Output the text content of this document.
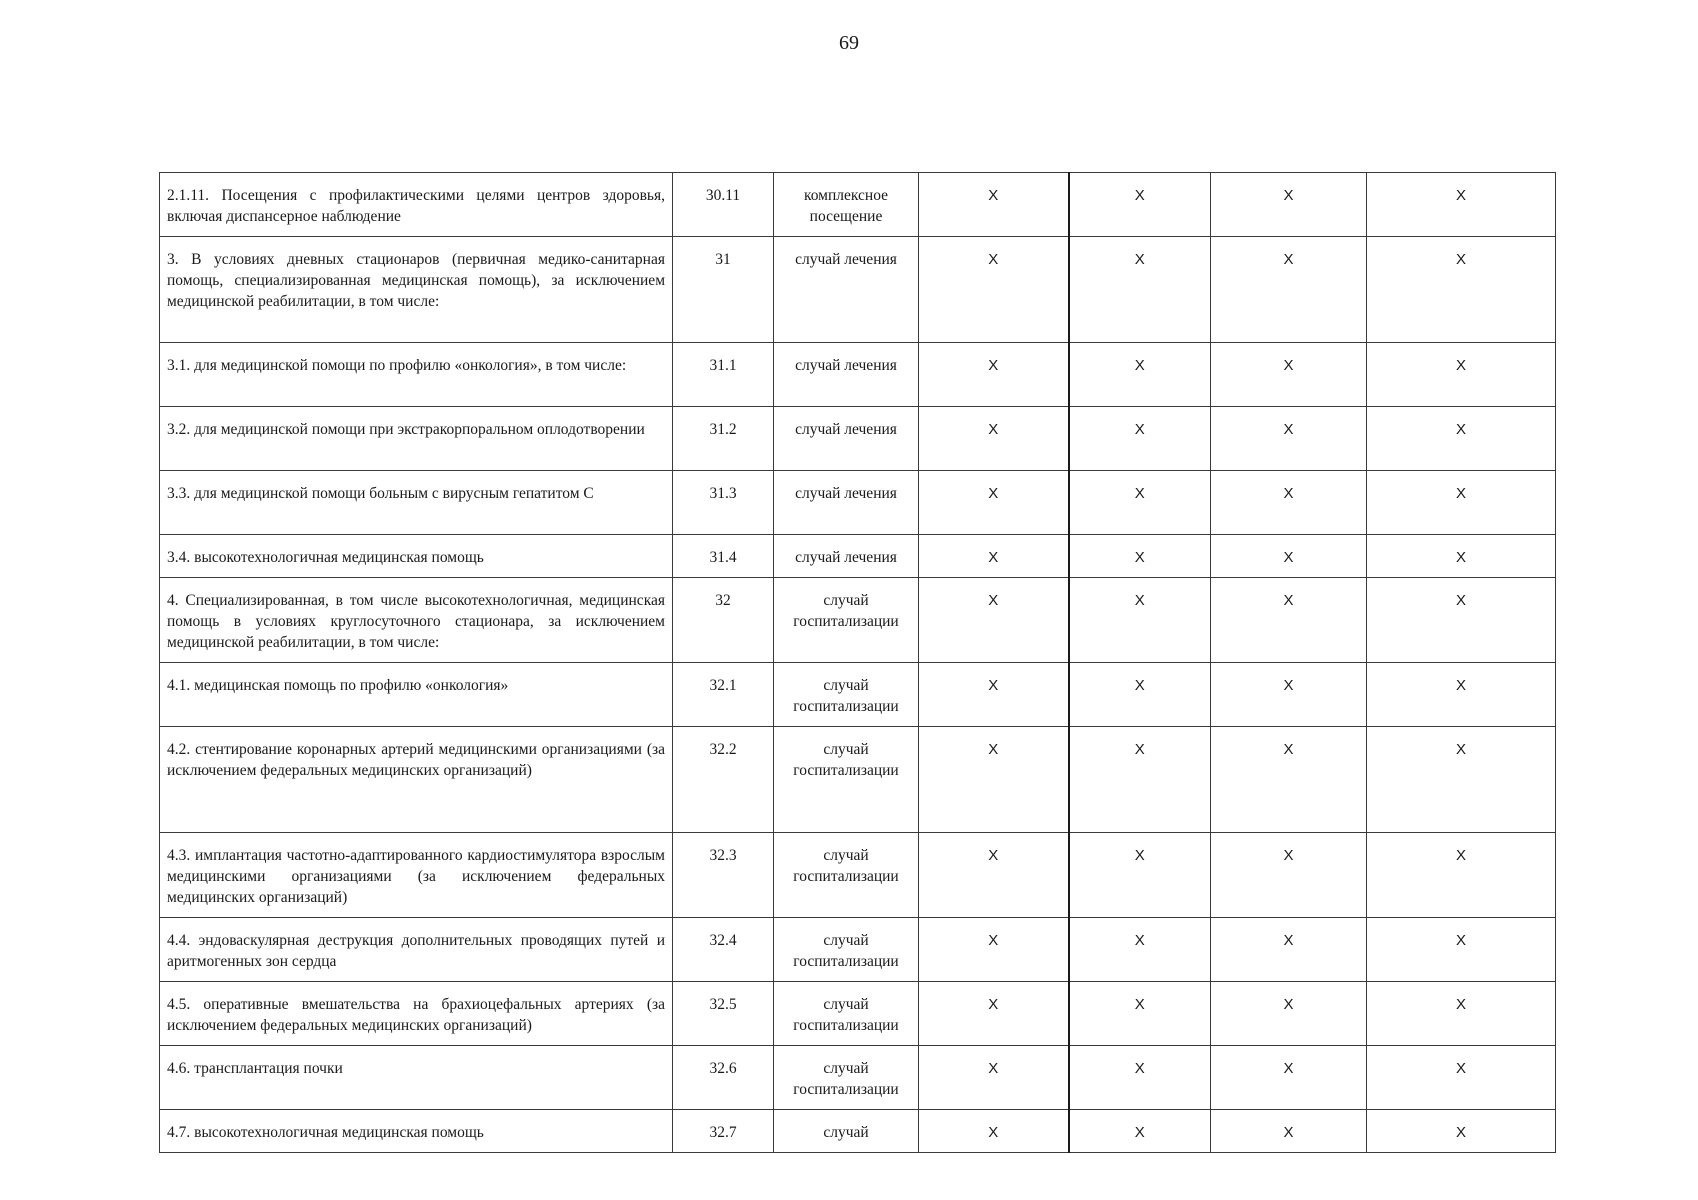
69
2.1.11. Посещения с профилактическими целями центров здоровья, включая диспансерное наблюдение	30.11	комплексное посещение	X	X	X	X
3. В условиях дневных стационаров (первичная медико-санитарная помощь, специализированная медицинская помощь), за исключением медицинской реабилитации, в том числе:	31	случай лечения	X	X	X	X
3.1. для медицинской помощи по профилю «онкология», в том числе:	31.1	случай лечения	X	X	X	X
3.2. для медицинской помощи при экстракорпоральном оплодотворении	31.2	случай лечения	X	X	X	X
3.3. для медицинской помощи больным с вирусным гепатитом С	31.3	случай лечения	X	X	X	X
3.4. высокотехнологичная медицинская помощь	31.4	случай лечения	X	X	X	X
4. Специализированная, в том числе высокотехнологичная, медицинская помощь в условиях круглосуточного стационара, за исключением медицинской реабилитации, в том числе:	32	случай госпитализации	X	X	X	X
4.1. медицинская помощь по профилю «онкология»	32.1	случай госпитализации	X	X	X	X
4.2. стентирование коронарных артерий медицинскими организациями (за исключением федеральных медицинских организаций)	32.2	случай госпитализации	X	X	X	X
4.3. имплантация частотно-адаптированного кардиостимулятора взрослым медицинскими организациями (за исключением федеральных медицинских организаций)	32.3	случай госпитализации	X	X	X	X
4.4. эндоваскулярная деструкция дополнительных проводящих путей и аритмогенных зон сердца	32.4	случай госпитализации	X	X	X	X
4.5. оперативные вмешательства на брахиоцефальных артериях (за исключением федеральных медицинских организаций)	32.5	случай госпитализации	X	X	X	X
4.6. трансплантация почки	32.6	случай госпитализации	X	X	X	X
4.7. высокотехнологичная медицинская помощь	32.7	случай	X	X	X	X
